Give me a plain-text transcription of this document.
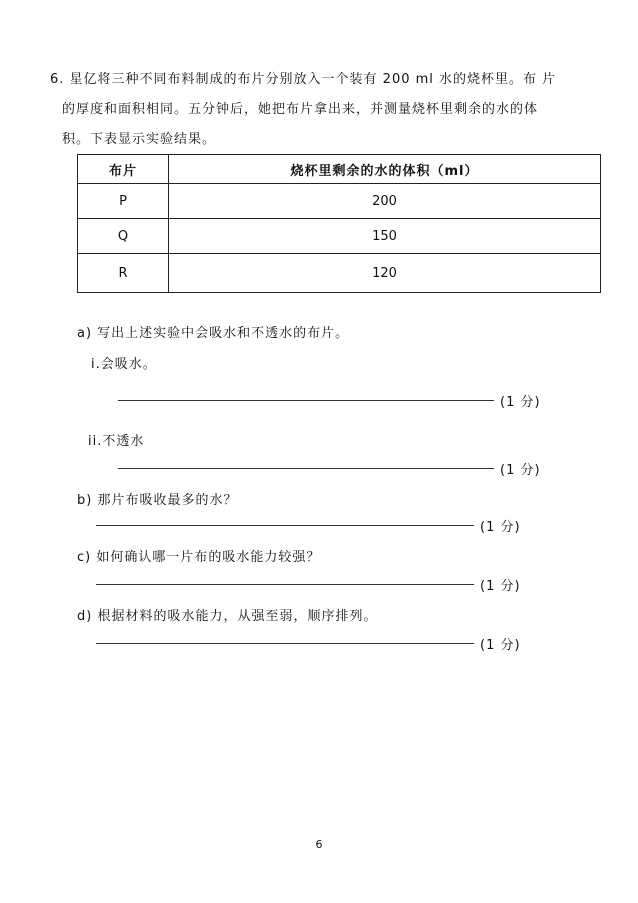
6. 星亿将三种不同布料制成的布片分别放入一个装有 200 ml 水的烧杯里。布 片
的厚度和面积相同。五分钟后，她把布片拿出来，并测量烧杯里剩余的水的体
积。下表显示实验结果。
布片	烧杯里剩余的水的体积（ml）
P	200
Q	150
R	120
a) 写出上述实验中会吸水和不透水的布片。
i.会吸水。
(1 分)
ii.不透水
(1 分)
b) 那片布吸收最多的水？
(1 分)
c) 如何确认哪一片布的吸水能力较强？
(1 分)
d) 根据材料的吸水能力，从强至弱，顺序排列。
(1 分)
6
